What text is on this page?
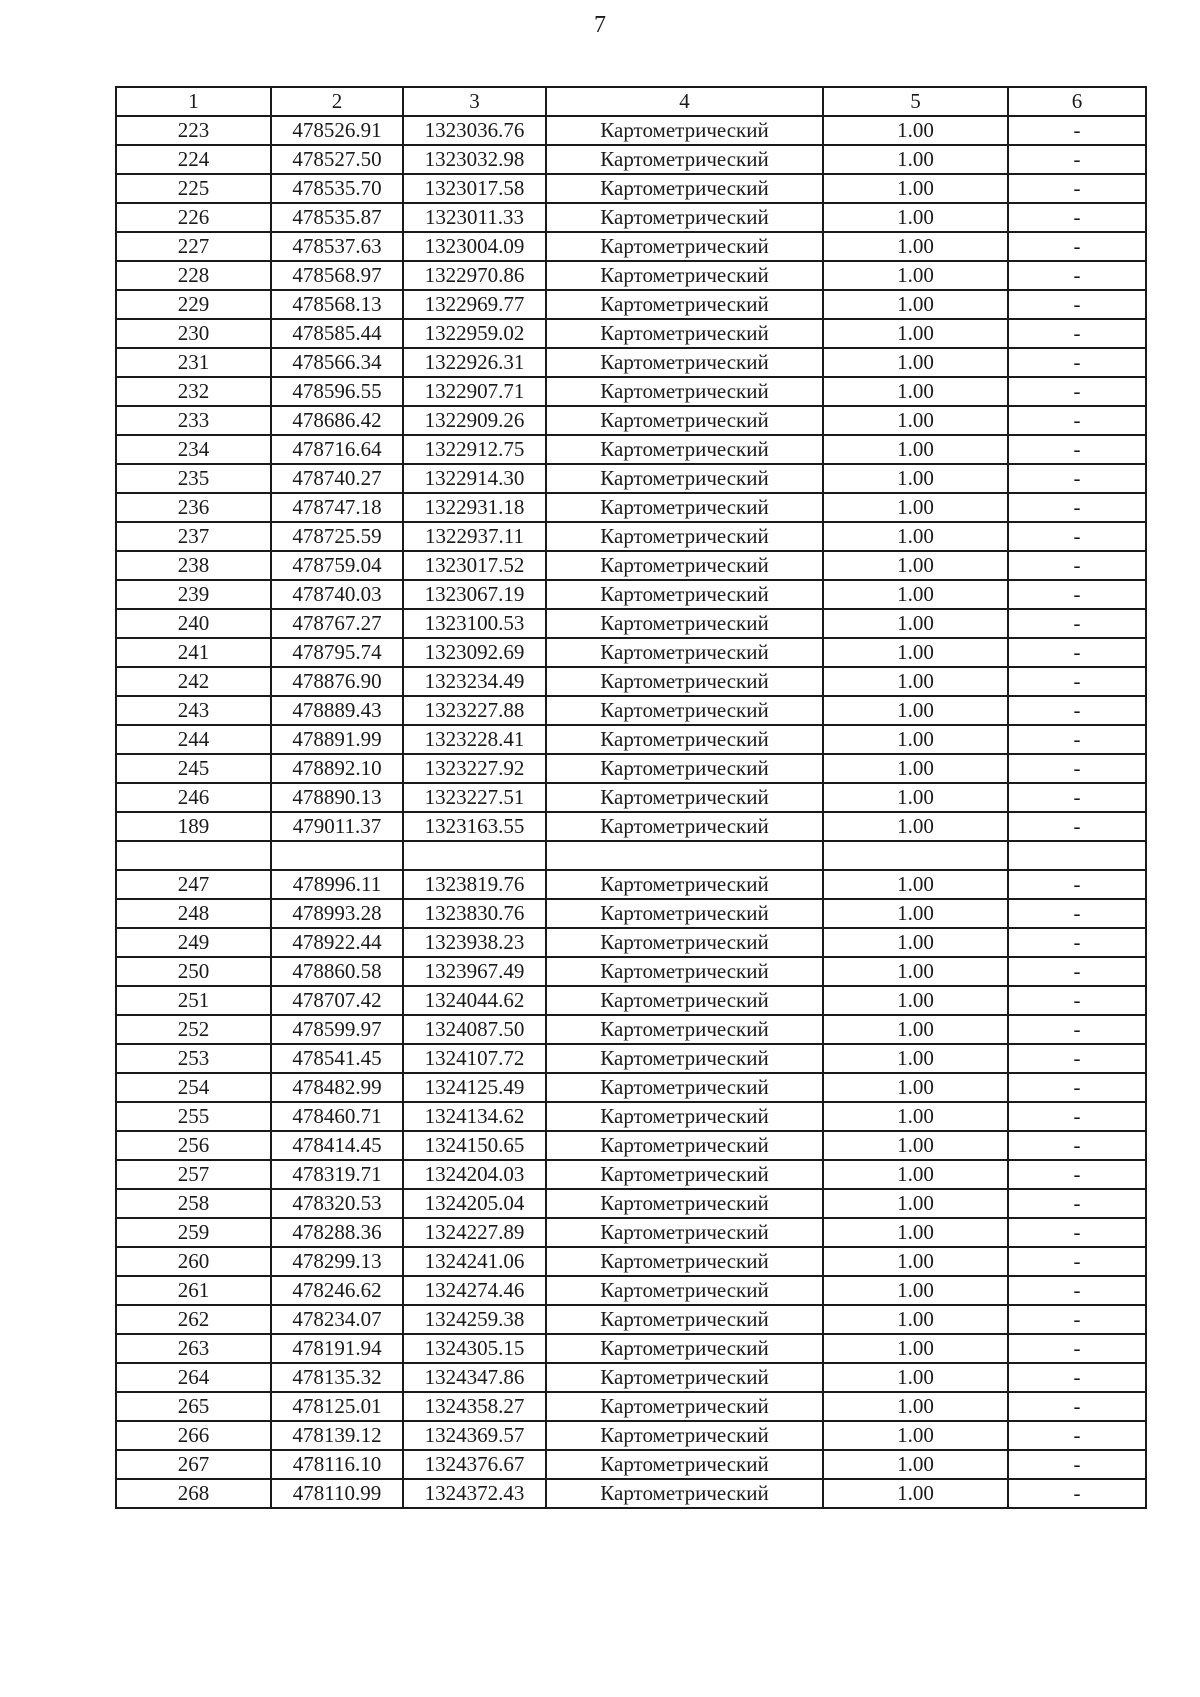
7
1	2	3	4	5	6
223	478526.91	1323036.76	Картометрический	1.00	-
224	478527.50	1323032.98	Картометрический	1.00	-
225	478535.70	1323017.58	Картометрический	1.00	-
226	478535.87	1323011.33	Картометрический	1.00	-
227	478537.63	1323004.09	Картометрический	1.00	-
228	478568.97	1322970.86	Картометрический	1.00	-
229	478568.13	1322969.77	Картометрический	1.00	-
230	478585.44	1322959.02	Картометрический	1.00	-
231	478566.34	1322926.31	Картометрический	1.00	-
232	478596.55	1322907.71	Картометрический	1.00	-
233	478686.42	1322909.26	Картометрический	1.00	-
234	478716.64	1322912.75	Картометрический	1.00	-
235	478740.27	1322914.30	Картометрический	1.00	-
236	478747.18	1322931.18	Картометрический	1.00	-
237	478725.59	1322937.11	Картометрический	1.00	-
238	478759.04	1323017.52	Картометрический	1.00	-
239	478740.03	1323067.19	Картометрический	1.00	-
240	478767.27	1323100.53	Картометрический	1.00	-
241	478795.74	1323092.69	Картометрический	1.00	-
242	478876.90	1323234.49	Картометрический	1.00	-
243	478889.43	1323227.88	Картометрический	1.00	-
244	478891.99	1323228.41	Картометрический	1.00	-
245	478892.10	1323227.92	Картометрический	1.00	-
246	478890.13	1323227.51	Картометрический	1.00	-
189	479011.37	1323163.55	Картометрический	1.00	-

247	478996.11	1323819.76	Картометрический	1.00	-
248	478993.28	1323830.76	Картометрический	1.00	-
249	478922.44	1323938.23	Картометрический	1.00	-
250	478860.58	1323967.49	Картометрический	1.00	-
251	478707.42	1324044.62	Картометрический	1.00	-
252	478599.97	1324087.50	Картометрический	1.00	-
253	478541.45	1324107.72	Картометрический	1.00	-
254	478482.99	1324125.49	Картометрический	1.00	-
255	478460.71	1324134.62	Картометрический	1.00	-
256	478414.45	1324150.65	Картометрический	1.00	-
257	478319.71	1324204.03	Картометрический	1.00	-
258	478320.53	1324205.04	Картометрический	1.00	-
259	478288.36	1324227.89	Картометрический	1.00	-
260	478299.13	1324241.06	Картометрический	1.00	-
261	478246.62	1324274.46	Картометрический	1.00	-
262	478234.07	1324259.38	Картометрический	1.00	-
263	478191.94	1324305.15	Картометрический	1.00	-
264	478135.32	1324347.86	Картометрический	1.00	-
265	478125.01	1324358.27	Картометрический	1.00	-
266	478139.12	1324369.57	Картометрический	1.00	-
267	478116.10	1324376.67	Картометрический	1.00	-
268	478110.99	1324372.43	Картометрический	1.00	-
